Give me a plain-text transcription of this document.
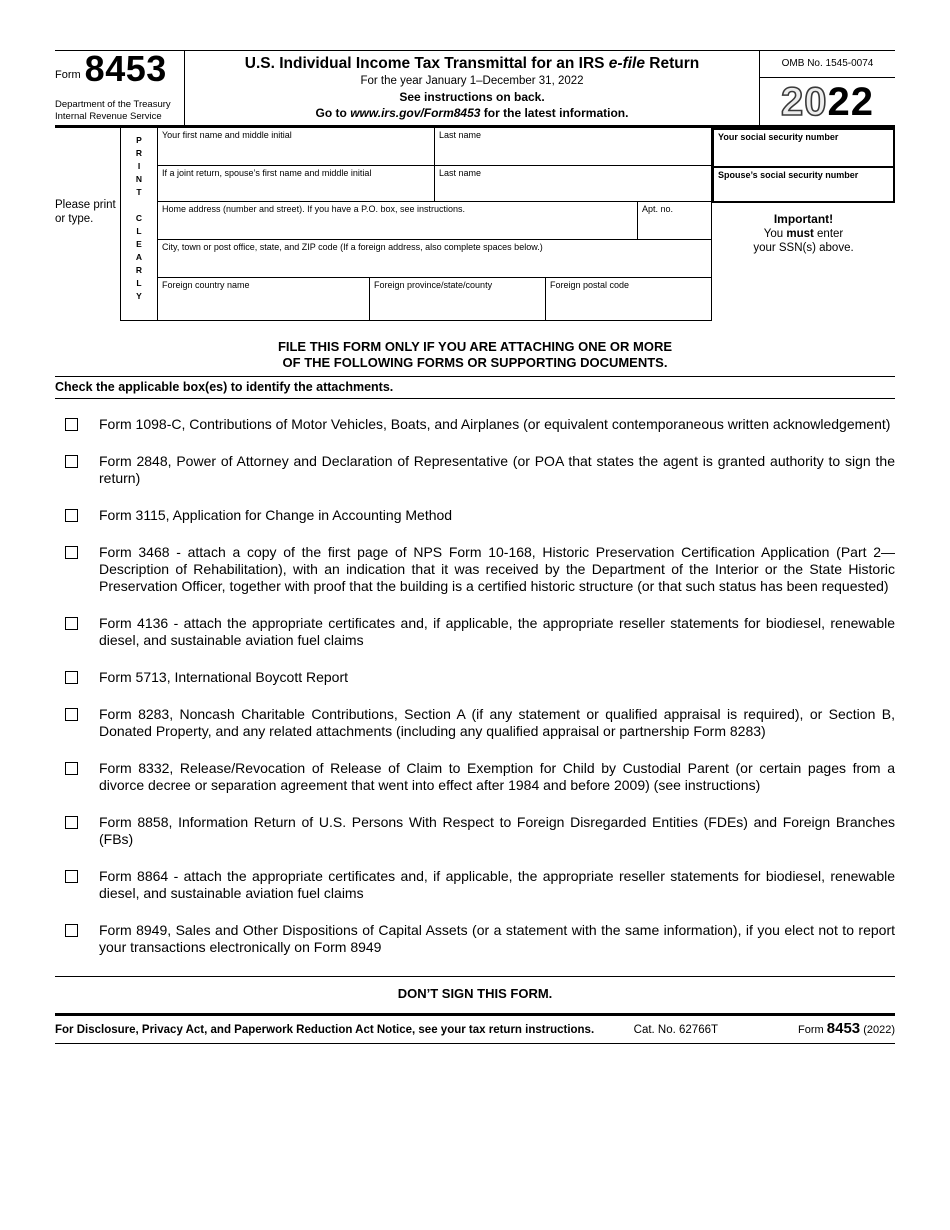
Form 8453
Department of the Treasury
Internal Revenue Service
U.S. Individual Income Tax Transmittal for an IRS e-file Return
For the year January 1–December 31, 2022
See instructions on back.
Go to www.irs.gov/Form8453 for the latest information.
OMB No. 1545-0074
20 22
Please print or type.	PRINT CLEARLY Your first name and middle initial	Last name
If a joint return, spouse’s first name and middle initial	Last name
Home address (number and street). If you have a P.O. box, see instructions.	Apt. no.
City, town or post office, state, and ZIP code (If a foreign address, also complete spaces below.)
Foreign country name	Foreign province/state/county	Foreign postal code
Your social security number
Spouse’s social security number
Important!
You must enter
your SSN(s) above.
FILE THIS FORM ONLY IF YOU ARE ATTACHING ONE OR MORE
OF THE FOLLOWING FORMS OR SUPPORTING DOCUMENTS.
Check the applicable box(es) to identify the attachments.
Form 1098-C, Contributions of Motor Vehicles, Boats, and Airplanes (or equivalent contemporaneous written acknowledgement)
Form 2848, Power of Attorney and Declaration of Representative (or POA that states the agent is granted authority to sign the return)
Form 3115, Application for Change in Accounting Method
Form 3468 - attach a copy of the first page of NPS Form 10-168, Historic Preservation Certification Application (Part 2—Description of Rehabilitation), with an indication that it was received by the Department of the Interior or the State Historic Preservation Officer, together with proof that the building is a certified historic structure (or that such status has been requested)
Form 4136 - attach the appropriate certificates and, if applicable, the appropriate reseller statements for biodiesel, renewable diesel, and sustainable aviation fuel claims
Form 5713, International Boycott Report
Form 8283, Noncash Charitable Contributions, Section A (if any statement or qualified appraisal is required), or Section B, Donated Property, and any related attachments (including any qualified appraisal or partnership Form 8283)
Form 8332, Release/Revocation of Release of Claim to Exemption for Child by Custodial Parent (or certain pages from a divorce decree or separation agreement that went into effect after 1984 and before 2009) (see instructions)
Form 8858, Information Return of U.S. Persons With Respect to Foreign Disregarded Entities (FDEs) and Foreign Branches (FBs)
Form 8864 - attach the appropriate certificates and, if applicable, the appropriate reseller statements for biodiesel, renewable diesel, and sustainable aviation fuel claims
Form 8949, Sales and Other Dispositions of Capital Assets (or a statement with the same information), if you elect not to report your transactions electronically on Form 8949
DON’T SIGN THIS FORM.
For Disclosure, Privacy Act, and Paperwork Reduction Act Notice, see your tax return instructions.	Cat. No. 62766T	Form 8453 (2022)
